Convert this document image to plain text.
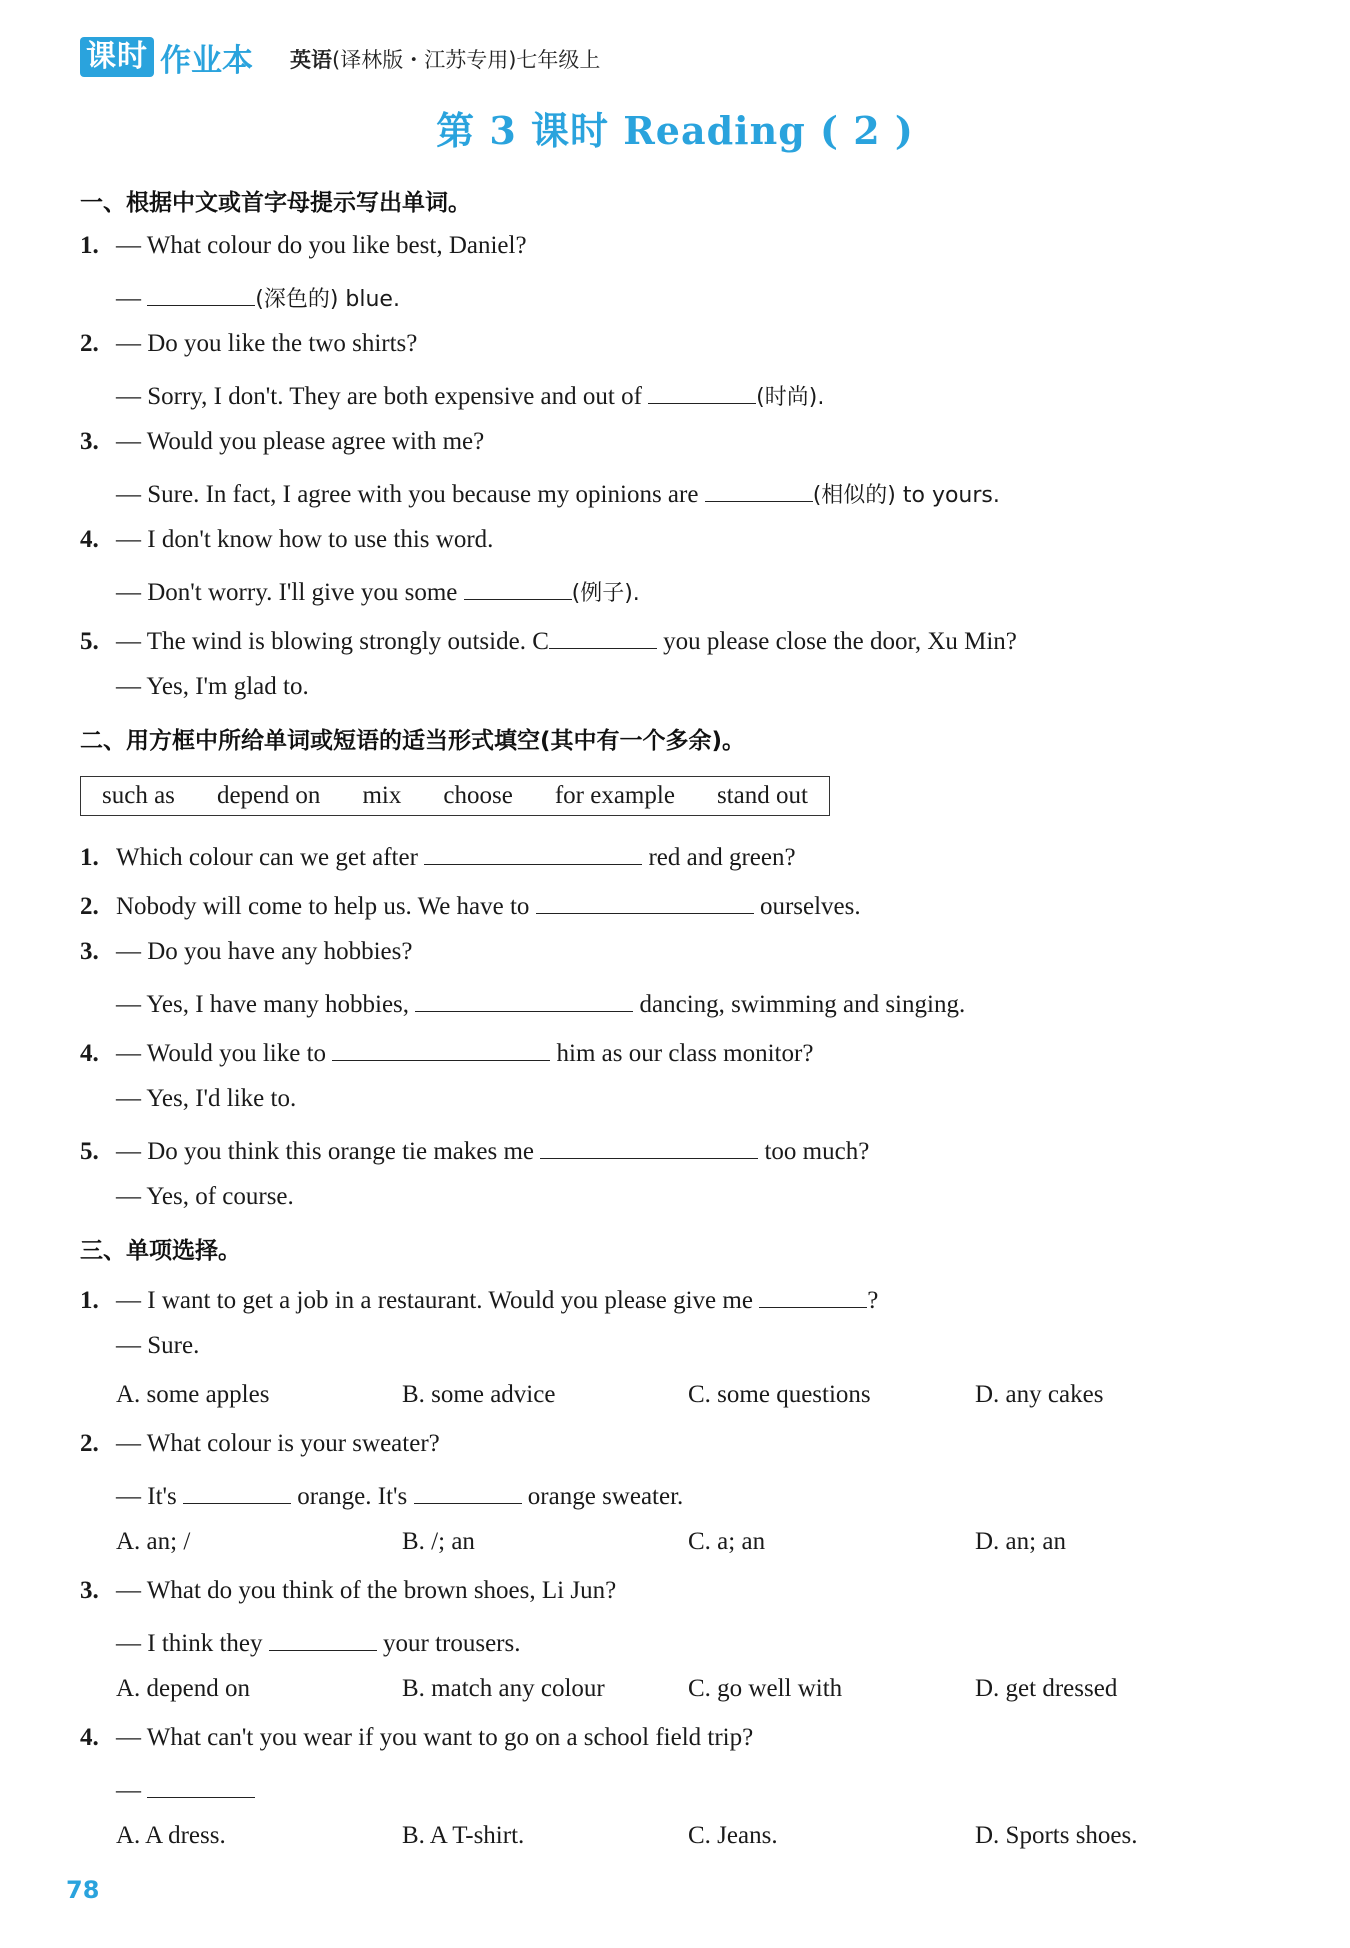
课时 作业本 英语(译林版・江苏专用)七年级上
第 3 课时 Reading ( 2 )
一、根据中文或首字母提示写出单词。
1. — What colour do you like best, Daniel?
—	(深色的) blue.
2. — Do you like the two shirts?
— Sorry, I don't. They are both expensive and out of	(时尚).
3. — Would you please agree with me?
— Sure. In fact, I agree with you because my opinions are	(相似的) to yours.
4. — I don't know how to use this word.
— Don't worry. I'll give you some	(例子).
5. — The wind is blowing strongly outside. C	you please close the door, Xu Min?
— Yes, I'm glad to.
二、用方框中所给单词或短语的适当形式填空(其中有一个多余)。
such as depend on mix choose for example stand out
1. Which colour can we get after	red and green?
2. Nobody will come to help us. We have to	ourselves.
3. — Do you have any hobbies?
— Yes, I have many hobbies,	dancing, swimming and singing.
4. — Would you like to	him as our class monitor?
— Yes, I'd like to.
5. — Do you think this orange tie makes me	too much?
— Yes, of course.
三、单项选择。
1. — I want to get a job in a restaurant. Would you please give me	?
— Sure.
A. some apples	B. some advice	C. some questions	D. any cakes
2. — What colour is your sweater?
— It's	orange. It's	orange sweater.
A. an; /	B. /; an	C. a; an	D. an; an
3. — What do you think of the brown shoes, Li Jun?
— I think they	your trousers.
A. depend on	B. match any colour	C. go well with	D. get dressed
4. — What can't you wear if you want to go on a school field trip?
—
A. A dress.	B. A T-shirt.	C. Jeans.	D. Sports shoes.
78
